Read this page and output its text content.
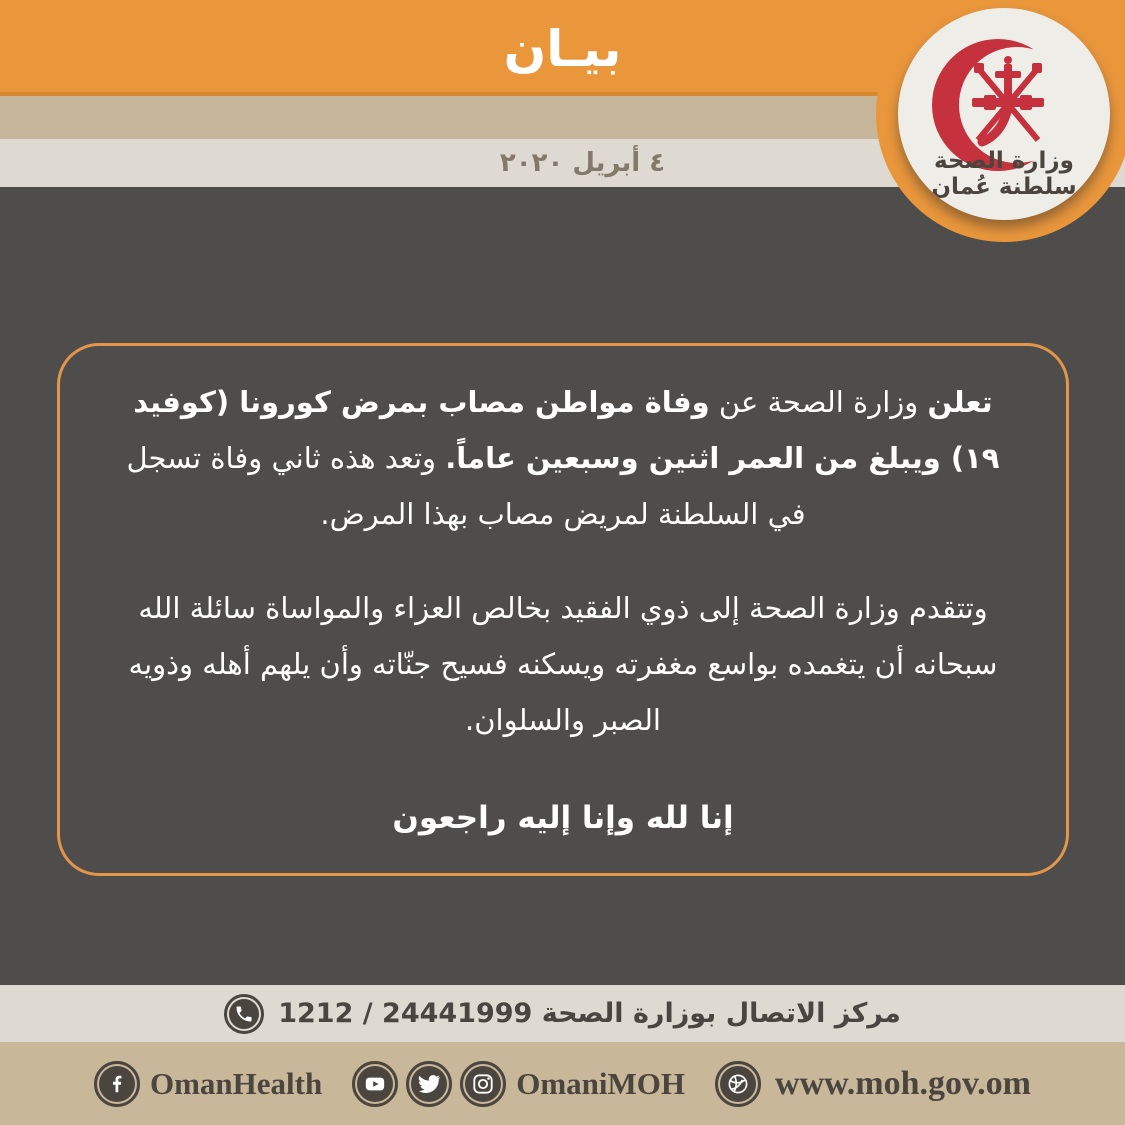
بيـان
٤ أبريل ٢٠٢٠

تعلن وزارة الصحة عن وفاة مواطن مصاب بمرض كورونا (كوفيد ١٩) ويبلغ من العمر اثنين وسبعين عاماً. وتعد هذه ثاني وفاة تسجل في السلطنة لمريض مصاب بهذا المرض.

وتتقدم وزارة الصحة إلى ذوي الفقيد بخالص العزاء والمواساة سائلة الله سبحانه أن يتغمده بواسع مغفرته ويسكنه فسيح جنّاته وأن يلهم أهله وذويه الصبر والسلوان.

إنا لله وإنا إليه راجعون

وزارة الصحة
سلطنة عُمان
مركز الاتصال بوزارة الصحة 24441999 / 1212
OmanHealth	OmaniMOH	www.moh.gov.om
